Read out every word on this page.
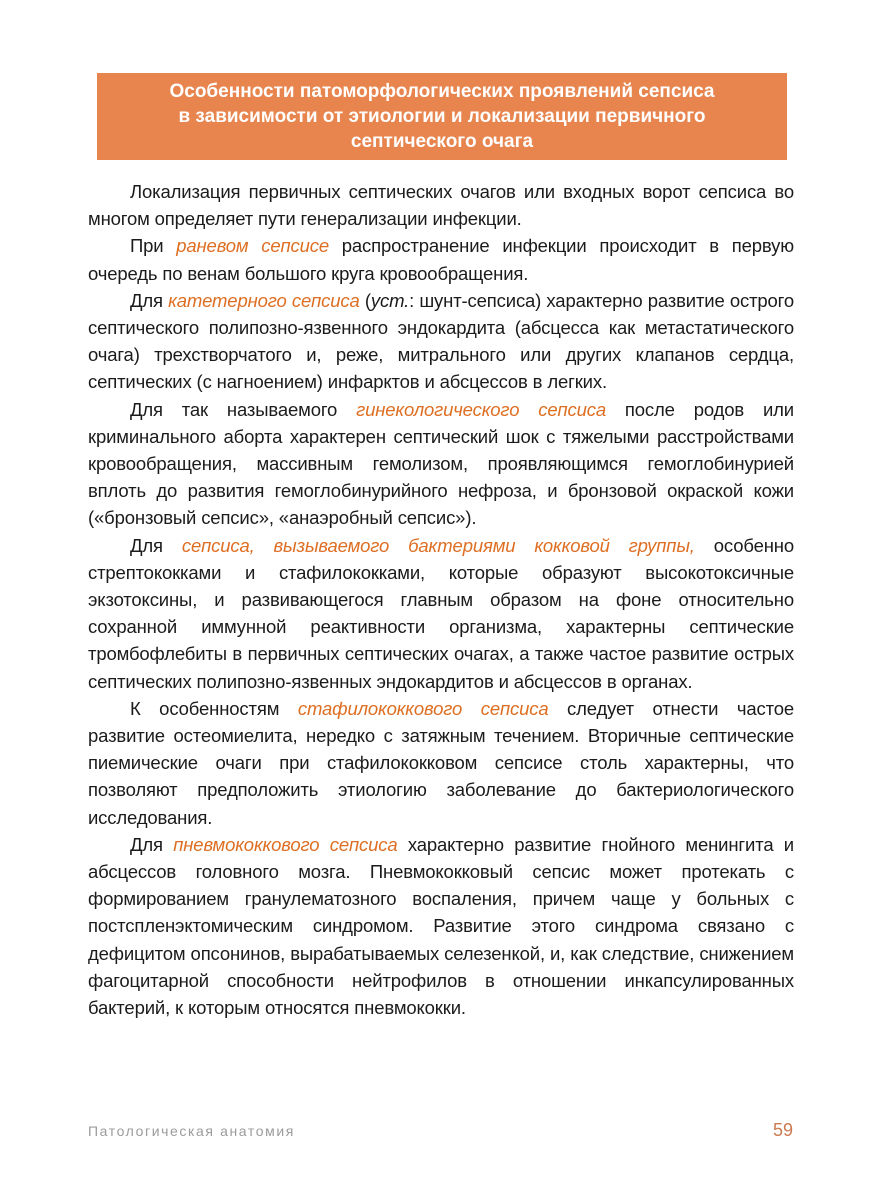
Особенности патоморфологических проявлений сепсиса
в зависимости от этиологии и локализации первичного
септического очага

Локализация первичных септических очагов или входных ворот сепсиса во многом определяет пути генерализации инфекции.

При раневом сепсисе распространение инфекции происходит в первую очередь по венам большого круга кровообращения.

Для катетерного сепсиса (уст.: шунт-сепсиса) характерно развитие острого септического полипозно-язвенного эндокардита (абсцесса как метастатического очага) трехстворчатого и, реже, митрального или других клапанов сердца, септических (с нагноением) инфарктов и абсцессов в легких.

Для так называемого гинекологического сепсиса после родов или криминального аборта характерен септический шок с тяжелыми расстройствами кровообращения, массивным гемолизом, проявляющимся гемоглобинурией вплоть до развития гемоглобинурийного нефроза, и бронзовой окраской кожи («бронзовый сепсис», «анаэробный сепсис»).

Для сепсиса, вызываемого бактериями кокковой группы, особенно стрептококками и стафилококками, которые образуют высокотоксичные экзотоксины, и развивающегося главным образом на фоне относительно сохранной иммунной реактивности организма, характерны септические тромбофлебиты в первичных септических очагах, а также частое развитие острых септических полипозно-язвенных эндокардитов и абсцессов в органах.

К особенностям стафилококкового сепсиса следует отнести частое развитие остеомиелита, нередко с затяжным течением. Вторичные септические пиемические очаги при стафилококковом сепсисе столь характерны, что позволяют предположить этиологию заболевание до бактериологического исследования.

Для пневмококкового сепсиса характерно развитие гнойного менингита и абсцессов головного мозга. Пневмококковый сепсис может протекать с формированием гранулематозного воспаления, причем чаще у больных с постспленэктомическим синдромом. Развитие этого синдрома связано с дефицитом опсонинов, вырабатываемых селезенкой, и, как следствие, снижением фагоцитарной способности нейтрофилов в отношении инкапсулированных бактерий, к которым относятся пневмококки.

Патологическая анатомия	59
